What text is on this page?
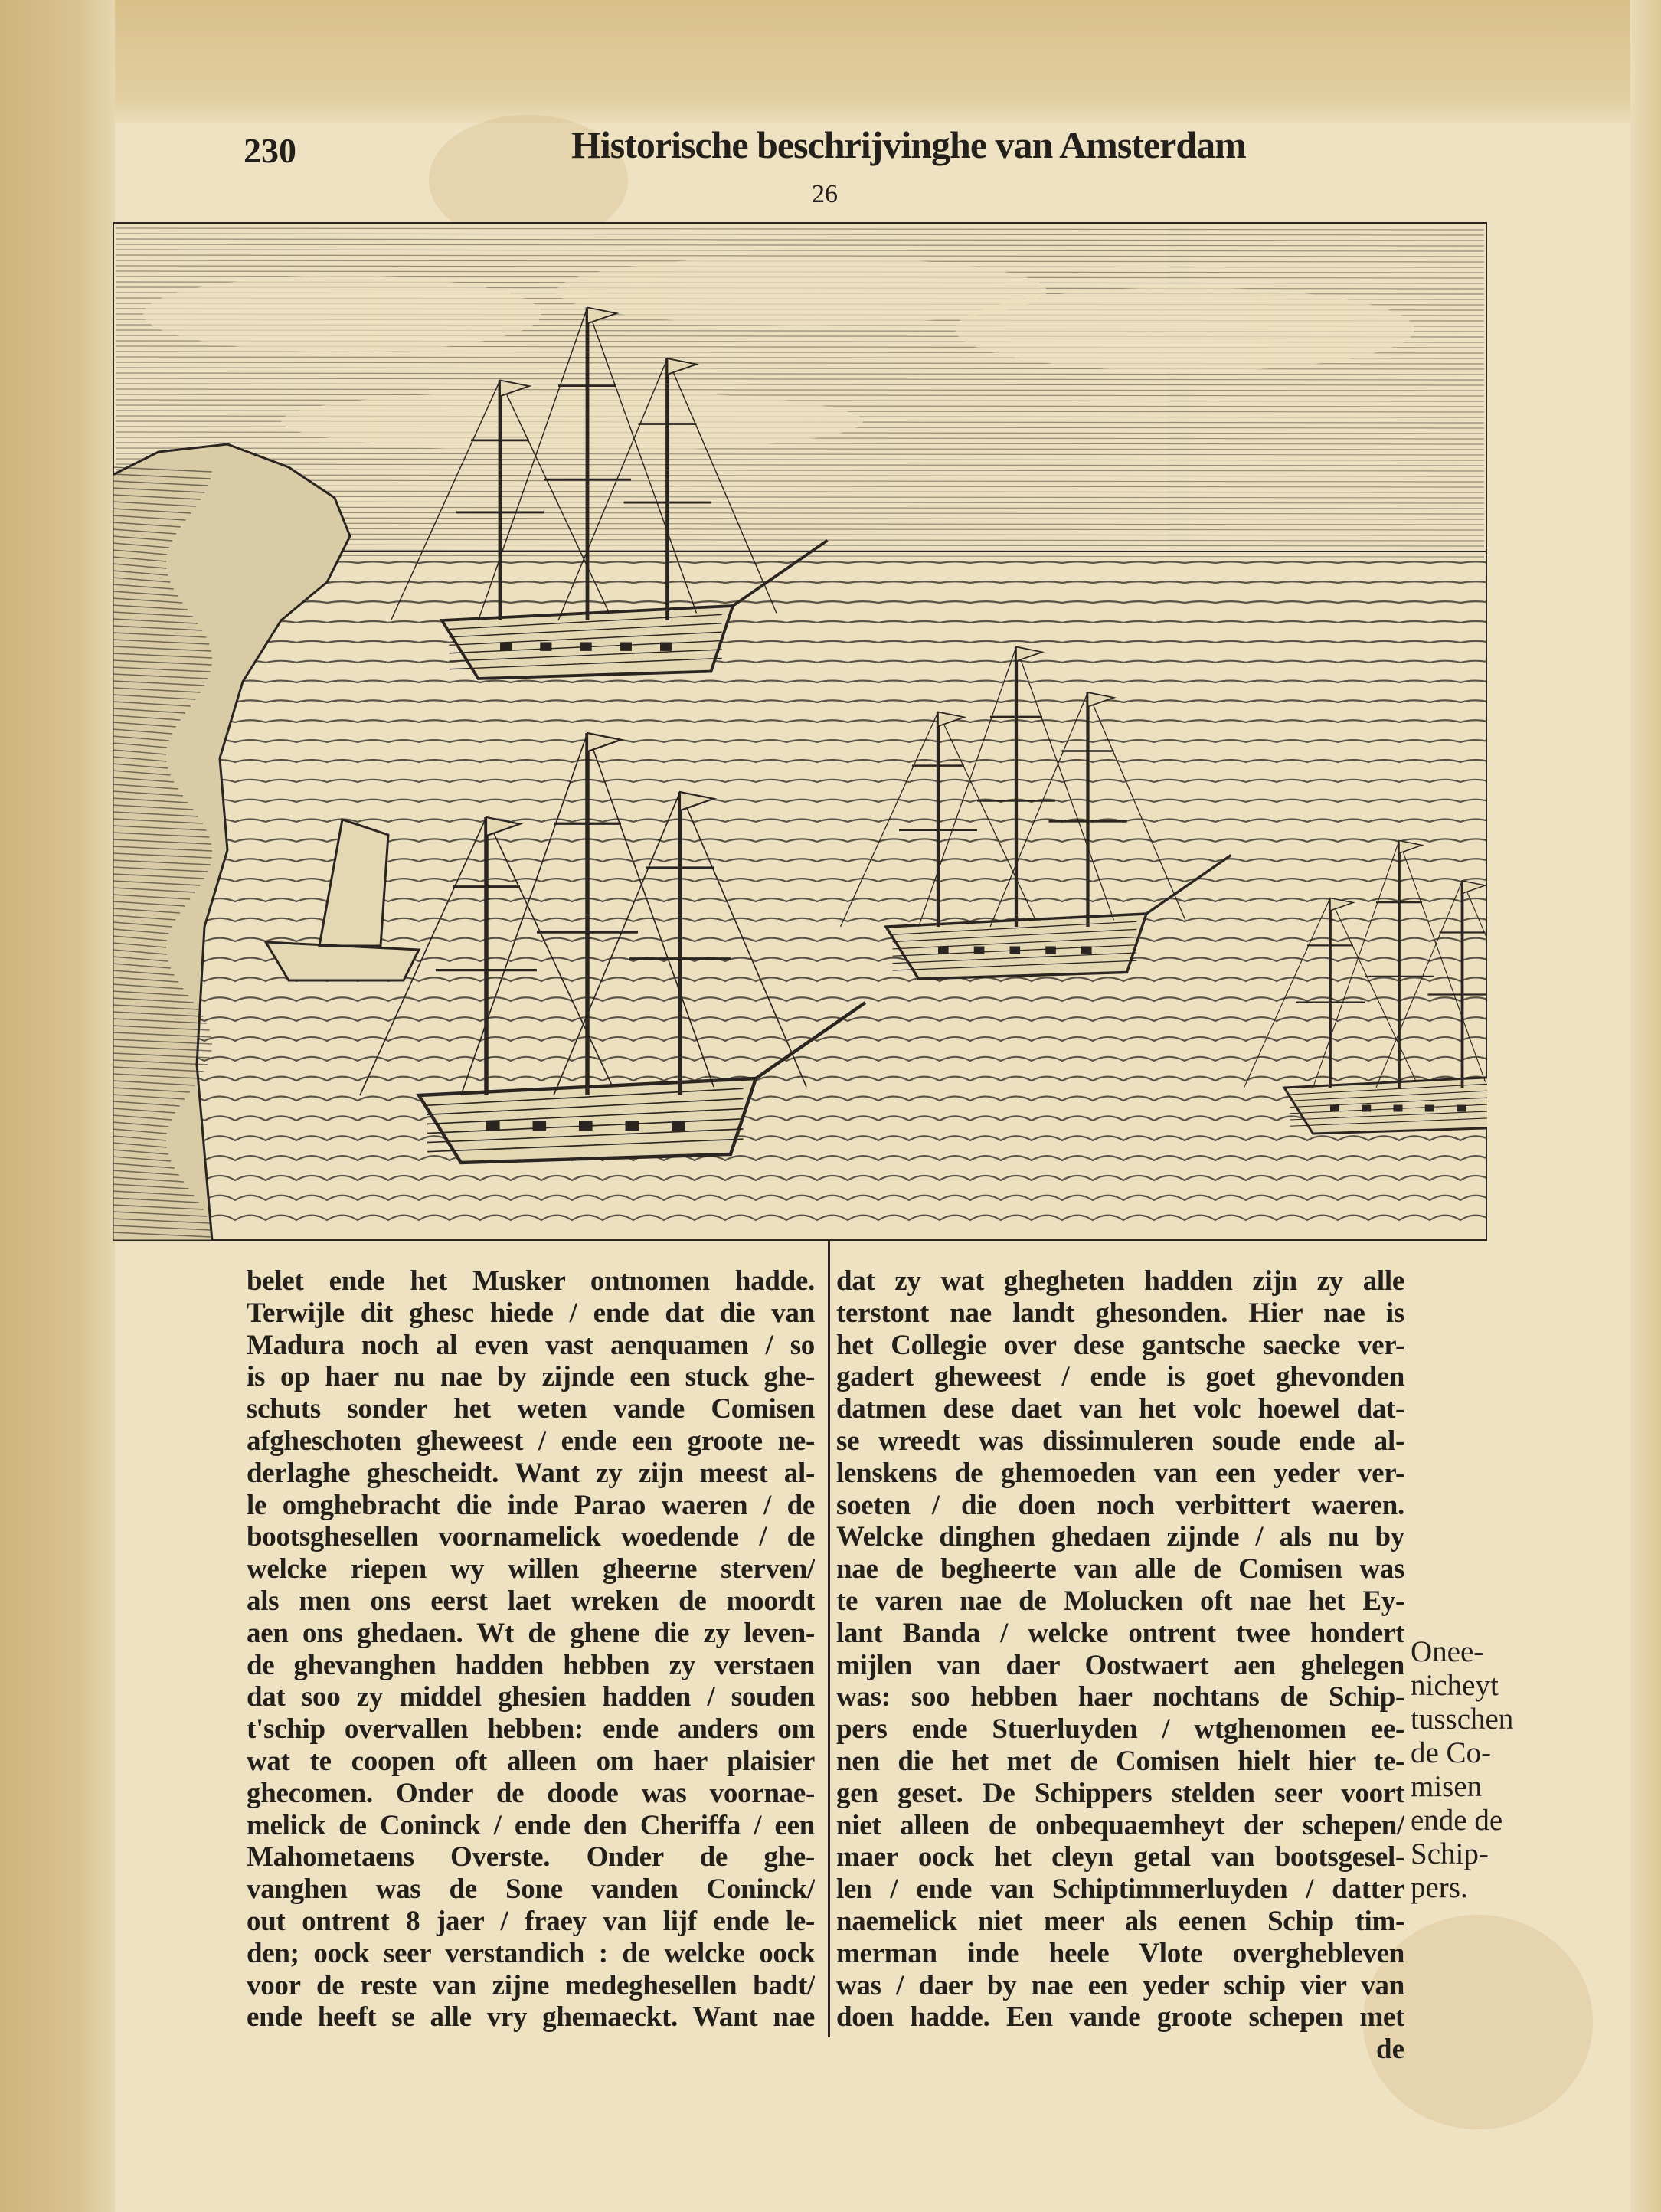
230	Historische beschrijvinghe van Amsterdam
26
belet ende het Musker ontnomen hadde.
Terwijle dit ghesc hiede / ende dat die van
Madura noch al even vast aenquamen / so
is op haer nu nae by zijnde een stuck ghe-
schuts sonder het weten vande Comisen
afgheschoten gheweest / ende een groote ne-
derlaghe ghescheidt. Want zy zijn meest al-
le omghebracht die inde Parao waeren / de
bootsghesellen voornamelick woedende / de
welcke riepen wy willen gheerne sterven/
als men ons eerst laet wreken de moordt
aen ons ghedaen. Wt de ghene die zy leven-
de ghevanghen hadden hebben zy verstaen
dat soo zy middel ghesien hadden / souden
t'schip overvallen hebben: ende anders om
wat te coopen oft alleen om haer plaisier
ghecomen. Onder de doode was voornae-
melick de Coninck / ende den Cheriffa / een
Mahometaens Overste. Onder de ghe-
vanghen was de Sone vanden Coninck/
out ontrent 8 jaer / fraey van lijf ende le-
den; oock seer verstandich : de welcke oock
voor de reste van zijne medeghesellen badt/
ende heeft se alle vry ghemaeckt. Want nae
dat zy wat ghegheten hadden zijn zy alle
terstont nae landt ghesonden. Hier nae is
het Collegie over dese gantsche saecke ver-
gadert gheweest / ende is goet ghevonden
datmen dese daet van het volc hoewel dat-
se wreedt was dissimuleren soude ende al-
lenskens de ghemoeden van een yeder ver-
soeten / die doen noch verbittert waeren.
Welcke dinghen ghedaen zijnde / als nu by
nae de begheerte van alle de Comisen was
te varen nae de Molucken oft nae het Ey-
lant Banda / welcke ontrent twee hondert
mijlen van daer Oostwaert aen ghelegen
was: soo hebben haer nochtans de Schip-
pers ende Stuerluyden / wtghenomen ee-
nen die het met de Comisen hielt hier te-
gen geset. De Schippers stelden seer voort
niet alleen de onbequaemheyt der schepen/
maer oock het cleyn getal van bootsgesel-
len / ende van Schiptimmerluyden / datter
naemelick niet meer als eenen Schip tim-
merman inde heele Vlote overghebleven
was / daer by nae een yeder schip vier van
doen hadde. Een vande groote schepen met
de
Onee-
nicheyt
tusschen
de Co-
misen
ende de
Schip-
pers.
